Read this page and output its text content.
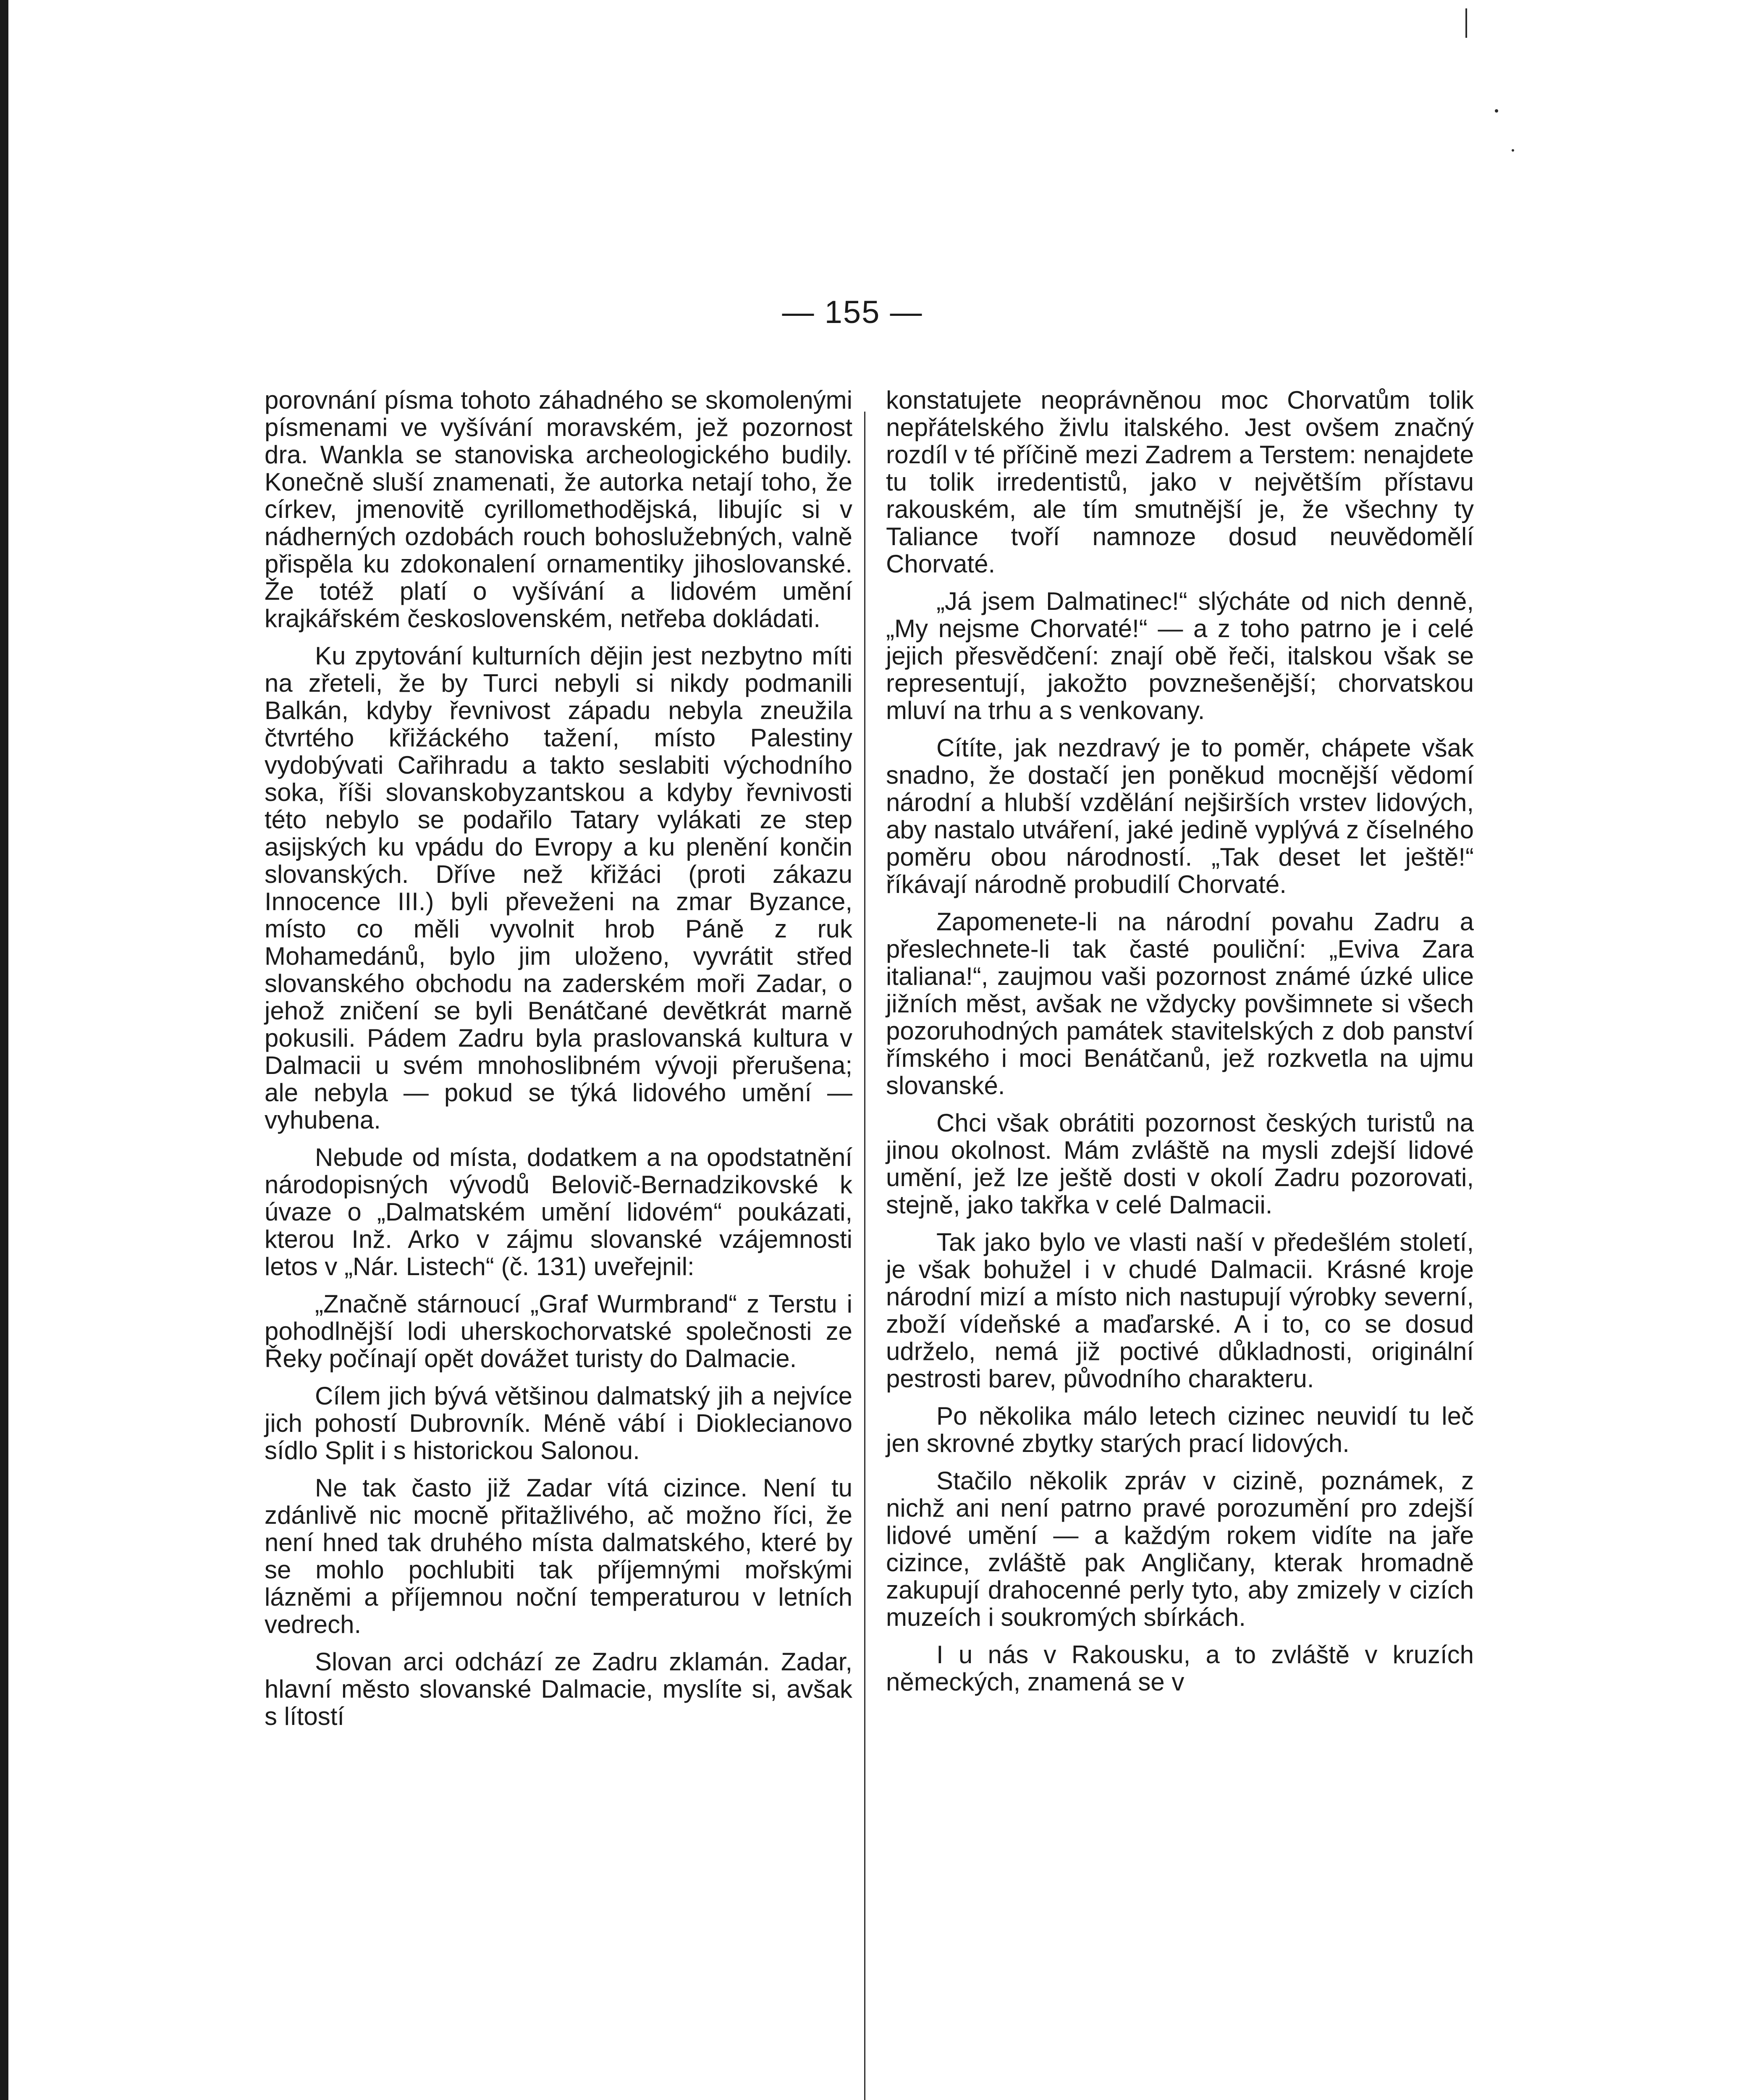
— 155 —

porovnání písma tohoto záhadného se skomolenými písmenami ve vyšívání moravském, jež pozornost dra. Wankla se stanoviska archeologického budily. Konečně sluší znamenati, že autorka netají toho, že církev, jmenovitě cyrillomethodějská, libujíc si v nádherných ozdobách rouch bohoslužebných, valně přispěla ku zdokonalení ornamentiky jihoslovanské. Že totéž platí o vyšívání a lidovém umění krajkářském československém, netřeba dokládati.

Ku zpytování kulturních dějin jest nezbytno míti na zřeteli, že by Turci nebyli si nikdy podmanili Balkán, kdyby řevnivost západu nebyla zneužila čtvrtého křižáckého tažení, místo Palestiny vydobývati Cařihradu a takto seslabiti východního soka, říši slovanskobyzantskou a kdyby řevnivosti této nebylo se podařilo Tatary vylákati ze step asijských ku vpádu do Evropy a ku plenění končin slovanských. Dříve než křižáci (proti zákazu Innocence III.) byli převeženi na zmar Byzance, místo co měli vyvolnit hrob Páně z ruk Mohamedánů, bylo jim uloženo, vyvrátit střed slovanského obchodu na zaderském moři Zadar, o jehož zničení se byli Benátčané devětkrát marně pokusili. Pádem Zadru byla praslovanská kultura v Dalmacii u svém mnohoslibném vývoji přerušena; ale nebyla — pokud se týká lidového umění — vyhubena.

Nebude od místa, dodatkem a na opodstatnění národopisných vývodů Belovič-Bernadzikovské k úvaze o „Dalmatském umění lidovém“ poukázati, kterou Inž. Arko v zájmu slovanské vzájemnosti letos v „Nár. Listech“ (č. 131) uveřejnil:

„Značně stárnoucí „Graf Wurmbrand“ z Terstu i pohodlnější lodi uherskochorvatské společnosti ze Řeky počínají opět dovážet turisty do Dalmacie.

Cílem jich bývá většinou dalmatský jih a nejvíce jich pohostí Dubrovník. Méně vábí i Dioklecianovo sídlo Split i s historickou Salonou.

Ne tak často již Zadar vítá cizince. Není tu zdánlivě nic mocně přitažlivého, ač možno říci, že není hned tak druhého místa dalmatského, které by se mohlo pochlubiti tak příjemnými mořskými lázněmi a příjemnou noční temperaturou v letních vedrech.

Slovan arci odchází ze Zadru zklamán. Zadar, hlavní město slovanské Dalmacie, myslíte si, avšak s lítostí

konstatujete neoprávněnou moc Chorvatům tolik nepřátelského živlu italského. Jest ovšem značný rozdíl v té příčině mezi Zadrem a Terstem: nenajdete tu tolik irredentistů, jako v největším přístavu rakouském, ale tím smutnější je, že všechny ty Taliance tvoří namnoze dosud neuvědomělí Chorvaté.

„Já jsem Dalmatinec!“ slýcháte od nich denně, „My nejsme Chorvaté!“ — a z toho patrno je i celé jejich přesvědčení: znají obě řeči, italskou však se representují, jakožto povznešenější; chorvatskou mluví na trhu a s venkovany.

Cítíte, jak nezdravý je to poměr, chápete však snadno, že dostačí jen poněkud mocnější vědomí národní a hlubší vzdělání nejširších vrstev lidových, aby nastalo utváření, jaké jedině vyplývá z číselného poměru obou národností. „Tak deset let ještě!“ říkávají národně probudilí Chorvaté.

Zapomenete-li na národní povahu Zadru a přeslechnete-li tak časté pouliční: „Eviva Zara italiana!“, zaujmou vaši pozornost známé úzké ulice jižních měst, avšak ne vždycky povšimnete si všech pozoruhodných památek stavitelských z dob panství římského i moci Benátčanů, jež rozkvetla na ujmu slovanské.

Chci však obrátiti pozornost českých turistů na jinou okolnost. Mám zvláště na mysli zdejší lidové umění, jež lze ještě dosti v okolí Zadru pozorovati, stejně, jako takřka v celé Dalmacii.

Tak jako bylo ve vlasti naší v předešlém století, je však bohužel i v chudé Dalmacii. Krásné kroje národní mizí a místo nich nastupují výrobky severní, zboží vídeňské a maďarské. A i to, co se dosud udrželo, nemá již poctivé důkladnosti, originální pestrosti barev, původního charakteru.

Po několika málo letech cizinec neuvidí tu leč jen skrovné zbytky starých prací lidových.

Stačilo několik zpráv v cizině, poznámek, z nichž ani není patrno pravé porozumění pro zdejší lidové umění — a každým rokem vidíte na jaře cizince, zvláště pak Angličany, kterak hromadně zakupují drahocenné perly tyto, aby zmizely v cizích muzeích i soukromých sbírkách.

I u nás v Rakousku, a to zvláště v kruzích německých, znamená se v
